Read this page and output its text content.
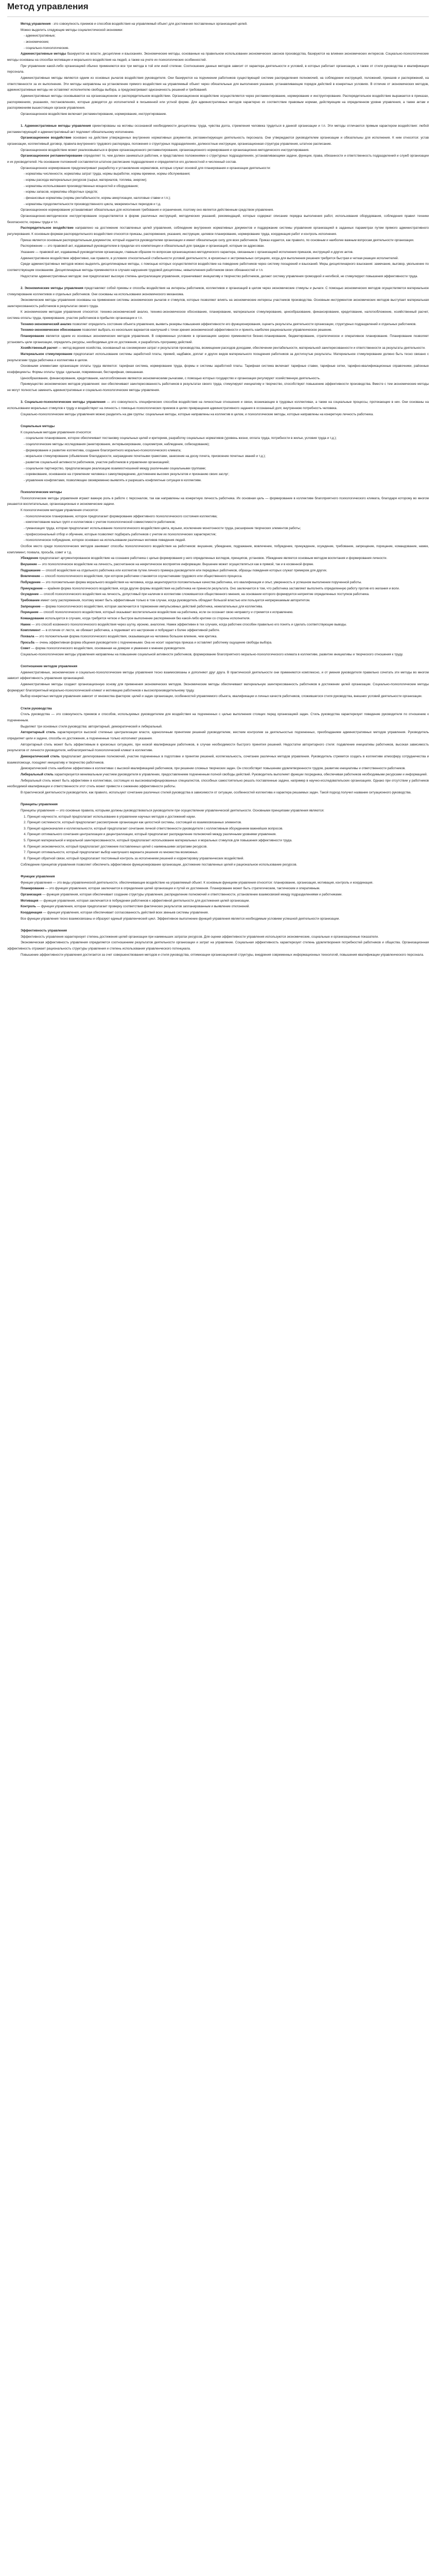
Метод управления

Метод управления - это совокупность приемов и способов воздействия на управляемый объект для достижения поставленных организацией целей.

Можно выделить следующие методы социалистической экономики:

- административные;

- экономические;

- социально-психологические.

Административные методы базируются на власти, дисциплине и взысканиях. Экономические методы, основанные на правильном использовании экономических законов производства, базируются на влиянии экономических интересов. Социально-психологические методы основаны на способах мотивации и морального воздействия на людей, а также на учете их психологических особенностей.

При управлении какой-либо организацией обычно применяются все три метода в той или иной степени. Соотношение данных методов зависит от характера деятельности и условий, в которых работает организация, а также от стиля руководства и квалификации персонала.

Административные методы являются одним из основных рычагов воздействия руководителя. Они базируются на подчинении работников существующей системе распределения полномочий, на соблюдении инструкций, положений, приказов и распоряжений, на ответственности за их выполнение. Эти методы направлены на установление прямого воздействия на управляемый объект через обязательные для выполнения указания, устанавливающие порядок действий в конкретных условиях. В отличие от экономических методов, административные методы не оставляют исполнителю свободы выбора, а предусматривают однозначность решений и требований.

Административные методы основываются на организационном и распорядительном воздействии. Организационное воздействие осуществляется через регламентирование, нормирование и инструктирование. Распорядительное воздействие выражается в приказах, распоряжениях, указаниях, постановлениях, которые доводятся до исполнителей в письменной или устной форме. Для административных методов характерно их соответствие правовым нормам, действующим на определенном уровне управления, а также актам и распоряжениям вышестоящих органов управления.

Организационное воздействие включает регламентирование, нормирование, инструктирование.

1. Административные методы управления ориентированы на мотивы осознанной необходимости дисциплины труда, чувства долга, стремления человека трудиться в данной организации и т.п. Эти методы отличаются прямым характером воздействия: любой регламентирующий и административный акт подлежит обязательному исполнению.

Организационное воздействие основано на действии утвержденных внутренних нормативных документов, регламентирующих деятельность персонала. Они утверждаются руководителем организации и обязательны для исполнения. К ним относятся: устав организации, коллективный договор, правила внутреннего трудового распорядка, положения о структурных подразделениях, должностные инструкции, организационная структура управления, штатное расписание.

Организационное воздействие может реализовываться в форме организационного регламентирования, организационного нормирования и организационно-методического инструктирования.

Организационное регламентирование определяет то, чем должен заниматься работник, и представлено положениями о структурных подразделениях, устанавливающими задачи, функции, права, обязанности и ответственность подразделений и служб организации и их руководителей. На основании положений составляется штатное расписание подразделения и определяется его должностной и численный состав.

Организационное нормирование предусматривает разработку и установление нормативов, которые служат основой для планирования и организации деятельности:

- нормативы численности, нормативы затрат труда, нормы выработки, нормы времени, нормы обслуживания;

- нормы расхода материальных ресурсов (сырья, материалов, топлива, энергии);

- нормативы использования производственных мощностей и оборудования;

- нормы запасов, нормативы оборотных средств;

- финансовые нормативы (нормы рентабельности, нормы амортизации, налоговые ставки и т.п.);

- нормативы продолжительности производственного цикла, межремонтных периодов и т.д.

Организационное нормирование устанавливает обязательные для исполнения требования и ограничения, поэтому оно является действенным средством управления.

Организационно-методическое инструктирование осуществляется в форме различных инструкций, методических указаний, рекомендаций, которые содержат описание порядка выполнения работ, использования оборудования, соблюдения правил техники безопасности, охраны труда и т.п.

Распорядительное воздействие направлено на достижение поставленных целей управления, соблюдение внутренних нормативных документов и поддержание системы управления организацией в заданных параметрах путем прямого административного регулирования. К основным формам распорядительного воздействия относятся приказы, распоряжения, указания, инструкции, целевое планирование, нормирование труда, координация работ и контроль исполнения.

Приказ является основным распорядительным документом, который издается руководителем организации и имеет обязательную силу для всех работников. Приказ издается, как правило, по основным и наиболее важным вопросам деятельности организации.

Распоряжение — это правовой акт, издаваемый руководителем в пределах его компетенции и обязательный для граждан и организаций, которым он адресован.

Указание — правовой акт, издаваемый руководителем организации, главным образом по вопросам организационно-методического характера, связанным с организацией исполнения приказов, инструкций и других актов.

Административное воздействие эффективно, как правило, в условиях относительной стабильности условий деятельности, в кризисных и экстремальных ситуациях, когда для выполнения решения требуется быстрая и четкая реакция исполнителей.

Среди административных методов можно выделить дисциплинарные методы, с помощью которых осуществляется воздействие на поведение работников через систему поощрений и взысканий. Меры дисциплинарного взыскания: замечание, выговор, увольнение по соответствующим основаниям. Дисциплинарные методы применяются в случаях нарушения трудовой дисциплины, невыполнения работником своих обязанностей и т.п.

Недостатки административных методов: они предполагают высокую степень централизации управления, ограничивают инициативу и творчество работников, делают систему управления громоздкой и негибкой, не стимулируют повышения эффективности труда.

2. Экономические методы управления представляют собой приемы и способы воздействия на интересы работников, коллективов и организаций в целом через экономические стимулы и рычаги. С помощью экономических методов осуществляется материальное стимулирование коллективов и отдельных работников. Они основаны на использовании экономического механизма.

Экономические методы управления основаны на применении системы экономических рычагов и стимулов, которые позволяют влиять на экономические интересы участников производства. Основным инструментом экономических методов выступает материальная заинтересованность работников в результатах своего труда.

К экономическим методам управления относятся: технико-экономический анализ, технико-экономическое обоснование, планирование, материальное стимулирование, ценообразование, финансирование, кредитование, налогообложение, хозяйственный расчет, система оплаты труда, премирование, участие работников в прибылях организации и т.п.

Технико-экономический анализ позволяет определить состояние объекта управления, выявить резервы повышения эффективности его функционирования, оценить результаты деятельности организации, структурных подразделений и отдельных работников.

Технико-экономическое обоснование позволяет выбрать из нескольких вариантов наилучший с точки зрения экономической эффективности и принять наиболее рациональное управленческое решение.

Планирование является одним из основных экономических методов управления. В современных условиях в организациях широко применяются бизнес-планирование, бюджетирование, стратегическое и оперативное планирование. Планирование позволяет установить цели организации, определить ресурсы, необходимые для их достижения, и разработать программу действий.

Хозяйственный расчет — метод ведения хозяйства, основанный на соизмерении затрат и результатов производства, возмещении расходов доходами, обеспечении рентабельности, материальной заинтересованности и ответственности за результаты деятельности.

Материальное стимулирование предполагает использование системы заработной платы, премий, надбавок, доплат и других видов материального поощрения работников за достигнутые результаты. Материальное стимулирование должно быть тесно связано с результатами труда работника и коллектива в целом.

Основными элементами организации оплаты труда являются: тарифная система, нормирование труда, формы и системы заработной платы. Тарифная система включает тарифные ставки, тарифные сетки, тарифно-квалификационные справочники, районные коэффициенты. Формы оплаты труда: сдельная, повременная, бестарифная, смешанная.

Ценообразование, финансирование, кредитование, налогообложение являются экономическими рычагами, с помощью которых государство и организации регулируют хозяйственную деятельность.

Преимущество экономических методов управления: они обеспечивают заинтересованность работников в результатах своего труда, стимулируют инициативу и творчество, способствуют повышению эффективности производства. Вместе с тем экономические методы не могут полностью заменить административные и социально-психологические методы управления.

3. Социально-психологические методы управления — это совокупность специфических способов воздействия на личностные отношения и связи, возникающие в трудовых коллективах, а также на социальные процессы, протекающие в них. Они основаны на использовании моральных стимулов к труду и воздействуют на личность с помощью психологических приемов в целях превращения административного задания в осознанный долг, внутреннюю потребность человека.

Социально-психологические методы управления можно разделить на две группы: социальные методы, которые направлены на коллектив в целом, и психологические методы, которые направлены на конкретную личность работника.

Социальные методы

К социальным методам управления относятся:

- социальное планирование, которое обеспечивает постановку социальных целей и критериев, разработку социальных нормативов (уровень жизни, оплата труда, потребности в жилье, условия труда и т.д.);

- социологические методы исследования (анкетирование, интервьюирование, социометрия, наблюдение, собеседование);

- формирование и развитие коллектива, создание благоприятного морально-психологического климата;

- моральное стимулирование (объявление благодарности, награждение почетными грамотами, занесение на доску почета, присвоение почетных званий и т.д.);

- развитие социальной активности работников, участие работников в управлении организацией;

- социальное партнерство, предполагающее реализацию взаимоотношений между различными социальными группами;

- соревнование, основанное на стремлении человека к самоутверждению, достижению высоких результатов и признанию своих заслуг;

- управление конфликтами, позволяющее своевременно выявлять и разрешать конфликтные ситуации в коллективе.

Психологические методы

Психологические методы управления играют важную роль в работе с персоналом, так как направлены на конкретную личность работника. Их основная цель — формирование в коллективе благоприятного психологического климата, благодаря которому во многом решаются воспитательные, организационные и экономические задачи.

К психологическим методам управления относятся:

- психологическое планирование, которое предполагает формирование эффективного психологического состояния коллектива;

- комплектование малых групп и коллективов с учетом психологической совместимости работников;

- гуманизация труда, которая предполагает использование психологического воздействия цвета, музыки, исключение монотонности труда, расширение творческих элементов работы;

- профессиональный отбор и обучение, которые позволяют подбирать работников с учетом их психологических характеристик;

- психологическое побуждение, которое основано на использовании различных мотивов поведения людей.

Особое место среди психологических методов занимают способы психологического воздействия на работников: внушение, убеждение, подражание, вовлечение, побуждение, принуждение, осуждение, требование, запрещение, порицание, командование, намек, комплимент, похвала, просьба, совет и т.д.

Убеждение предполагает аргументированное воздействие на сознание работника с целью формирования у него определенных взглядов, принципов, установок. Убеждение является основным методом воспитания и формирования личности.

Внушение — это психологическое воздействие на личность, рассчитанное на некритическое восприятие информации. Внушение может осуществляться как в прямой, так и в косвенной форме.

Подражание — способ воздействия на отдельного работника или коллектив путем личного примера руководителя или передовых работников, образцы поведения которых служат примером для других.

Вовлечение — способ психологического воздействия, при котором работники становятся соучастниками трудового или общественного процесса.

Побуждение — это положительная форма морального воздействия на человека, когда акцентируются положительные качества работника, его квалификация и опыт, уверенность в успешном выполнении порученной работы.

Принуждение — крайняя форма психологического воздействия, когда другие формы воздействия на работника не принесли результата. Оно заключается в том, что работника заставляют выполнять определенную работу против его желания и воли.

Осуждение — способ психологического воздействия на личность, допустимый при наличии в коллективе сложившегося общественного мнения, на основании которого формируется неприятие определенных поступков работника.

Требование имеет силу распоряжения, поэтому может быть эффективным только в том случае, когда руководитель обладает большой властью или пользуется непререкаемым авторитетом.

Запрещение — форма психологического воздействия, которая заключается в торможении импульсивных действий работника, нежелательных для коллектива.

Порицание — способ психологического воздействия, который оказывает воспитательное воздействие на работника, если он осознает свою неправоту и стремится к исправлению.

Командование используется в случаях, когда требуется четкое и быстрое выполнение распоряжения без какой-либо критики со стороны исполнителя.

Намек — это способ косвенного психологического воздействия через шутку, иронию, аналогию. Намек эффективен в тех случаях, когда работник способен правильно его понять и сделать соответствующие выводы.

Комплимент — в отличие от лести, не обижает работника, а поднимает его настроение и побуждает к более эффективной работе.

Похвала — это положительная форма психологического воздействия, оказывающая на человека большее влияние, чем критика.

Просьба — очень эффективная форма общения руководителя с подчиненными. Она не носит характера приказа и оставляет работнику ощущение свободы выбора.

Совет — форма психологического воздействия, основанная на доверии и уважении к мнению руководителя.

Социально-психологические методы управления направлены на повышение социальной активности работников, формирование благоприятного морально-психологического климата в коллективе, развитие инициативы и творческого отношения к труду.

Соотношение методов управления

Административные, экономические и социально-психологические методы управления тесно взаимосвязаны и дополняют друг друга. В практической деятельности они применяются комплексно, и от умения руководителя правильно сочетать эти методы во многом зависит эффективность управления организацией.

Административные методы создают организационную основу для применения экономических методов. Экономические методы обеспечивают материальную заинтересованность работников в достижении целей организации. Социально-психологические методы формируют благоприятный морально-психологический климат и мотивацию работников к высокопроизводительному труду.

Выбор конкретных методов управления зависит от множества факторов: целей и задач организации, особенностей управляемого объекта, квалификации и личных качеств работников, сложившегося стиля руководства, внешних условий деятельности организации.

Стили руководства

Стиль руководства — это совокупность приемов и способов, используемых руководителем для воздействия на подчиненных с целью выполнения стоящих перед организацией задач. Стиль руководства характеризует поведение руководителя по отношению к подчиненным.

Выделяют три основных стиля руководства: авторитарный, демократический и либеральный.

Авторитарный стиль характеризуется высокой степенью централизации власти, единоличным принятием решений руководителем, жестким контролем за деятельностью подчиненных, преобладанием административных методов управления. Руководитель определяет цели и задачи, способы их достижения, а подчиненные только исполняют указания.

Авторитарный стиль может быть эффективным в кризисных ситуациях, при низкой квалификации работников, в случае необходимости быстрого принятия решений. Недостатки авторитарного стиля: подавление инициативы работников, высокая зависимость результатов от личности руководителя, неблагоприятный психологический климат в коллективе.

Демократический стиль предполагает делегирование полномочий, участие подчиненных в подготовке и принятии решений, коллегиальность, сочетание различных методов управления. Руководитель стремится создать в коллективе атмосферу сотрудничества и взаимопомощи, поощряет инициативу и творчество работников.

Демократический стиль наиболее эффективен в коллективах с высокой квалификацией работников, при решении сложных творческих задач. Он способствует повышению удовлетворенности трудом, развитию инициативы и ответственности работников.

Либеральный стиль характеризуется минимальным участием руководителя в управлении, предоставлением подчиненным полной свободы действий. Руководитель выполняет функции посредника, обеспечивая работников необходимыми ресурсами и информацией.

Либеральный стиль может быть эффективен в коллективах, состоящих из высококвалифицированных специалистов, способных самостоятельно решать поставленные задачи, например в научно-исследовательских организациях. Однако при отсутствии у работников необходимой квалификации и ответственности этот стиль может привести к снижению эффективности работы.

В практической деятельности руководители, как правило, используют сочетание различных стилей руководства в зависимости от ситуации, особенностей коллектива и характера решаемых задач. Такой подход получил название ситуационного руководства.

Принципы управления

Принципы управления — это основные правила, которыми должны руководствоваться руководители при осуществлении управленческой деятельности. Основными принципами управления являются:

1. Принцип научности, который предполагает использование в управлении научных методов и достижений науки.

2. Принцип системности, который предполагает рассмотрение организации как целостной системы, состоящей из взаимосвязанных элементов.

3. Принцип единоначалия и коллегиальности, который предполагает сочетание личной ответственности руководителя с коллективным обсуждением важнейших вопросов.

4. Принцип оптимального сочетания централизации и децентрализации, который предполагает распределение полномочий между различными уровнями управления.

5. Принцип материальной и моральной заинтересованности, который предполагает использование материальных и моральных стимулов для повышения эффективности труда.

6. Принцип экономичности, который предполагает достижение поставленных целей с наименьшими затратами ресурсов.

7. Принцип оптимальности, который предполагает выбор наилучшего варианта решения из множества возможных.

8. Принцип обратной связи, который предполагает постоянный контроль за исполнением решений и корректировку управленческих воздействий.

Соблюдение принципов управления позволяет обеспечить эффективное функционирование организации, достижение поставленных целей и рациональное использование ресурсов.

Функции управления

Функции управления — это виды управленческой деятельности, обеспечивающие воздействие на управляемый объект. К основным функциям управления относятся: планирование, организация, мотивация, контроль и координация.

Планирование — это функция управления, которая заключается в определении целей организации и путей их достижения. Планирование может быть стратегическим, тактическим и оперативным.

Организация — функция управления, которая обеспечивает создание структуры управления, распределение полномочий и ответственности, установление взаимосвязей между подразделениями и работниками.

Мотивация — функция управления, которая заключается в побуждении работников к эффективной деятельности для достижения целей организации.

Контроль — функция управления, которая предполагает проверку соответствия фактических результатов запланированным и выявление отклонений.

Координация — функция управления, которая обеспечивает согласованность действий всех звеньев системы управления.

Все функции управления тесно взаимосвязаны и образуют единый управленческий цикл. Эффективное выполнение функций управления является необходимым условием успешной деятельности организации.

Эффективность управления

Эффективность управления характеризует степень достижения целей организации при наименьших затратах ресурсов. Для оценки эффективности управления используются экономические, социальные и организационные показатели.

Экономическая эффективность управления определяется соотношением результатов деятельности организации и затрат на управление. Социальная эффективность характеризует степень удовлетворения потребностей работников и общества. Организационная эффективность отражает рациональность структуры управления и степень использования управленческого потенциала.

Повышение эффективности управления достигается за счет совершенствования методов и стиля руководства, оптимизации организационной структуры, внедрения современных информационных технологий, повышения квалификации управленческого персонала.
